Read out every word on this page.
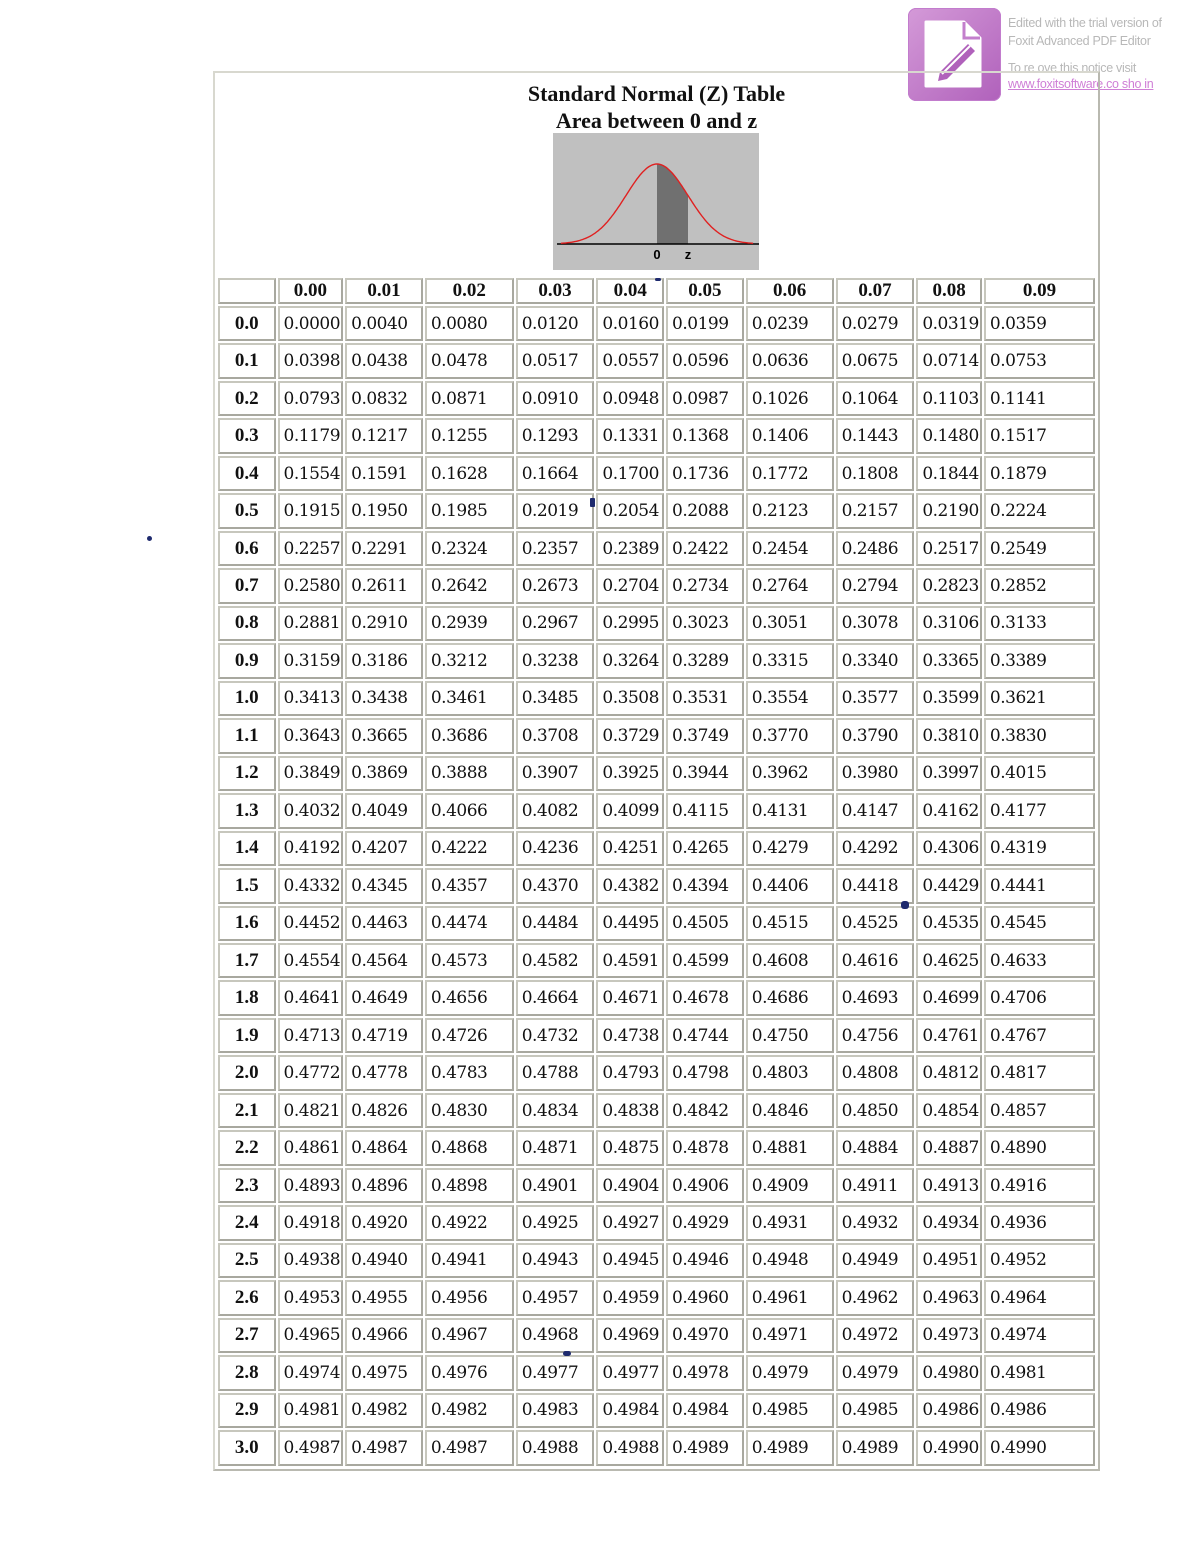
Edited with the trial version of
Foxit Advanced PDF Editor
To re ove this notice visit
www.foxitsoftware.co sho in
Standard Normal (Z) Table
Area between 0 and z
0 z
	0.00	0.01	0.02	0.03	0.04	0.05	0.06	0.07	0.08	0.09
0.0	0.0000	0.0040	0.0080	0.0120	0.0160	0.0199	0.0239	0.0279	0.0319	0.0359
0.1	0.0398	0.0438	0.0478	0.0517	0.0557	0.0596	0.0636	0.0675	0.0714	0.0753
0.2	0.0793	0.0832	0.0871	0.0910	0.0948	0.0987	0.1026	0.1064	0.1103	0.1141
0.3	0.1179	0.1217	0.1255	0.1293	0.1331	0.1368	0.1406	0.1443	0.1480	0.1517
0.4	0.1554	0.1591	0.1628	0.1664	0.1700	0.1736	0.1772	0.1808	0.1844	0.1879
0.5	0.1915	0.1950	0.1985	0.2019	0.2054	0.2088	0.2123	0.2157	0.2190	0.2224
0.6	0.2257	0.2291	0.2324	0.2357	0.2389	0.2422	0.2454	0.2486	0.2517	0.2549
0.7	0.2580	0.2611	0.2642	0.2673	0.2704	0.2734	0.2764	0.2794	0.2823	0.2852
0.8	0.2881	0.2910	0.2939	0.2967	0.2995	0.3023	0.3051	0.3078	0.3106	0.3133
0.9	0.3159	0.3186	0.3212	0.3238	0.3264	0.3289	0.3315	0.3340	0.3365	0.3389
1.0	0.3413	0.3438	0.3461	0.3485	0.3508	0.3531	0.3554	0.3577	0.3599	0.3621
1.1	0.3643	0.3665	0.3686	0.3708	0.3729	0.3749	0.3770	0.3790	0.3810	0.3830
1.2	0.3849	0.3869	0.3888	0.3907	0.3925	0.3944	0.3962	0.3980	0.3997	0.4015
1.3	0.4032	0.4049	0.4066	0.4082	0.4099	0.4115	0.4131	0.4147	0.4162	0.4177
1.4	0.4192	0.4207	0.4222	0.4236	0.4251	0.4265	0.4279	0.4292	0.4306	0.4319
1.5	0.4332	0.4345	0.4357	0.4370	0.4382	0.4394	0.4406	0.4418	0.4429	0.4441
1.6	0.4452	0.4463	0.4474	0.4484	0.4495	0.4505	0.4515	0.4525	0.4535	0.4545
1.7	0.4554	0.4564	0.4573	0.4582	0.4591	0.4599	0.4608	0.4616	0.4625	0.4633
1.8	0.4641	0.4649	0.4656	0.4664	0.4671	0.4678	0.4686	0.4693	0.4699	0.4706
1.9	0.4713	0.4719	0.4726	0.4732	0.4738	0.4744	0.4750	0.4756	0.4761	0.4767
2.0	0.4772	0.4778	0.4783	0.4788	0.4793	0.4798	0.4803	0.4808	0.4812	0.4817
2.1	0.4821	0.4826	0.4830	0.4834	0.4838	0.4842	0.4846	0.4850	0.4854	0.4857
2.2	0.4861	0.4864	0.4868	0.4871	0.4875	0.4878	0.4881	0.4884	0.4887	0.4890
2.3	0.4893	0.4896	0.4898	0.4901	0.4904	0.4906	0.4909	0.4911	0.4913	0.4916
2.4	0.4918	0.4920	0.4922	0.4925	0.4927	0.4929	0.4931	0.4932	0.4934	0.4936
2.5	0.4938	0.4940	0.4941	0.4943	0.4945	0.4946	0.4948	0.4949	0.4951	0.4952
2.6	0.4953	0.4955	0.4956	0.4957	0.4959	0.4960	0.4961	0.4962	0.4963	0.4964
2.7	0.4965	0.4966	0.4967	0.4968	0.4969	0.4970	0.4971	0.4972	0.4973	0.4974
2.8	0.4974	0.4975	0.4976	0.4977	0.4977	0.4978	0.4979	0.4979	0.4980	0.4981
2.9	0.4981	0.4982	0.4982	0.4983	0.4984	0.4984	0.4985	0.4985	0.4986	0.4986
3.0	0.4987	0.4987	0.4987	0.4988	0.4988	0.4989	0.4989	0.4989	0.4990	0.4990
